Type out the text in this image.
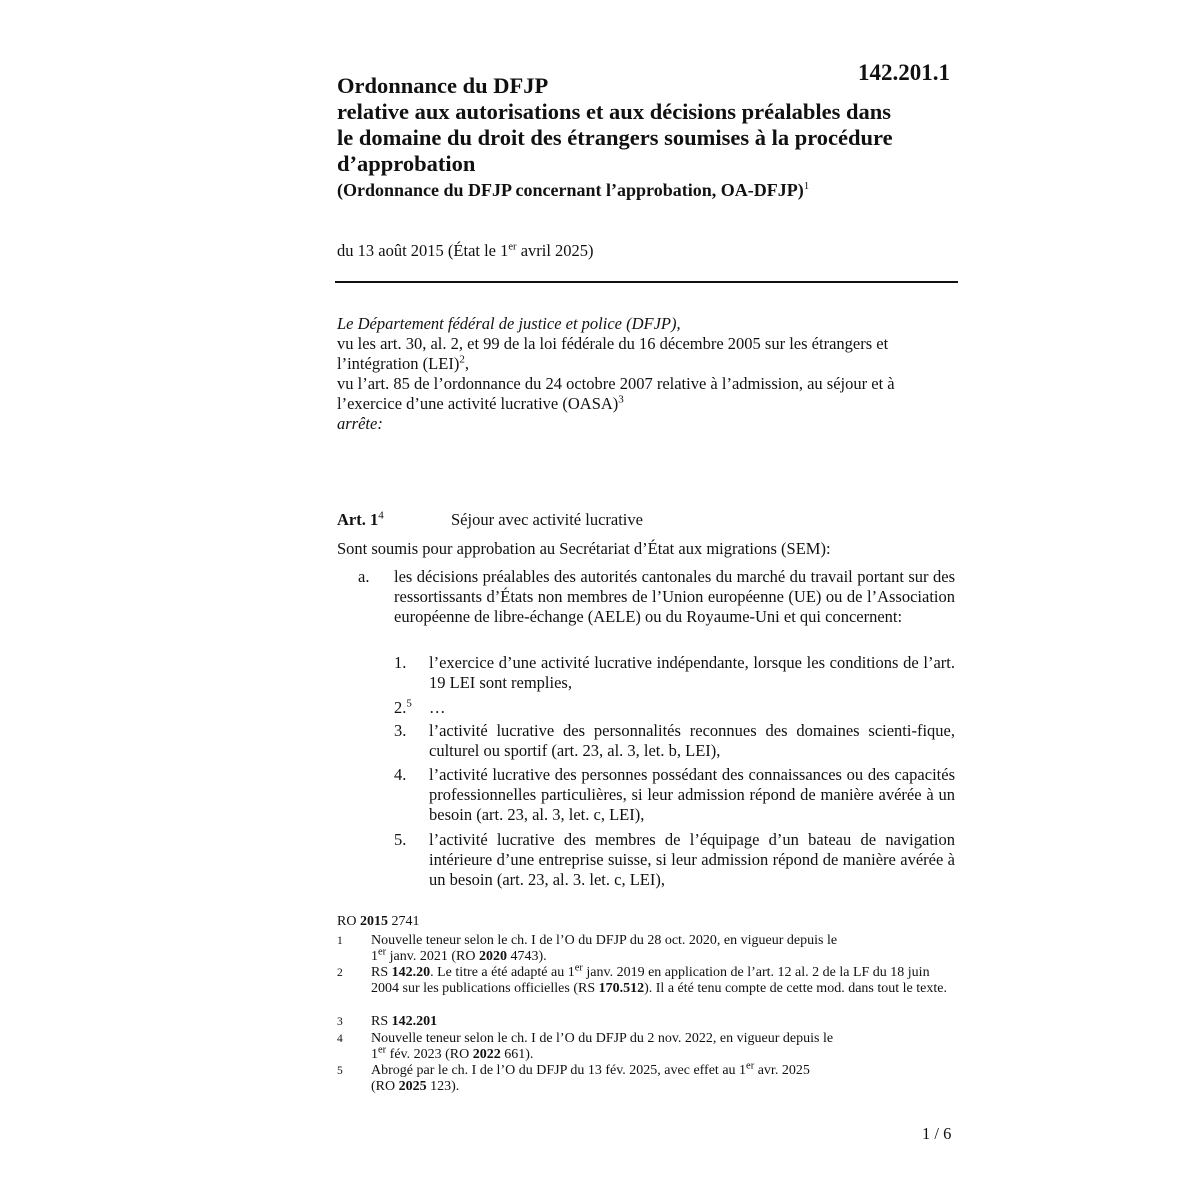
142.201.1
Ordonnance du DFJP
relative aux autorisations et aux décisions préalables dans
le domaine du droit des étrangers soumises à la procédure
d’approbation
(Ordonnance du DFJP concernant l’approbation, OA-DFJP)$^1$
du 13 août 2015 (État le 1er avril 2025)
Le Département fédéral de justice et police (DFJP),
vu les art. 30, al. 2, et 99 de la loi fédérale du 16 décembre 2005 sur les étrangers et
l’intégration (LEI)$^2$,
vu l’art. 85 de l’ordonnance du 24 octobre 2007 relative à l’admission, au séjour et à
l’exercice d’une activité lucrative (OASA)$^3$
arrête:
Art. 1$^4$	Séjour avec activité lucrative
Sont soumis pour approbation au Secrétariat d’État aux migrations (SEM):
a. les décisions préalables des autorités cantonales du marché du travail portant sur des ressortissants d’États non membres de l’Union européenne (UE) ou de l’Association européenne de libre-échange (AELE) ou du Royaume-Uni et qui concernent:
1. l’exercice d’une activité lucrative indépendante, lorsque les conditions de l’art. 19 LEI sont remplies,
2.$^5$ …
3. l’activité lucrative des personnalités reconnues des domaines scienti-fique, culturel ou sportif (art. 23, al. 3, let. b, LEI),
4. l’activité lucrative des personnes possédant des connaissances ou des capacités professionnelles particulières, si leur admission répond de manière avérée à un besoin (art. 23, al. 3, let. c, LEI),
5. l’activité lucrative des membres de l’équipage d’un bateau de navigation intérieure d’une entreprise suisse, si leur admission répond de manière avérée à un besoin (art. 23, al. 3. let. c, LEI),
RO 2015 2741
1 Nouvelle teneur selon le ch. I de l’O du DFJP du 28 oct. 2020, en vigueur depuis le
1er janv. 2021 (RO 2020 4743).
2 RS 142.20. Le titre a été adapté au 1er janv. 2019 en application de l’art. 12 al. 2 de la LF du 18 juin 2004 sur les publications officielles (RS 170.512). Il a été tenu compte de cette mod. dans tout le texte.
3 RS 142.201
4 Nouvelle teneur selon le ch. I de l’O du DFJP du 2 nov. 2022, en vigueur depuis le
1er fév. 2023 (RO 2022 661).
5 Abrogé par le ch. I de l’O du DFJP du 13 fév. 2025, avec effet au 1er avr. 2025
(RO 2025 123).
1 / 6
